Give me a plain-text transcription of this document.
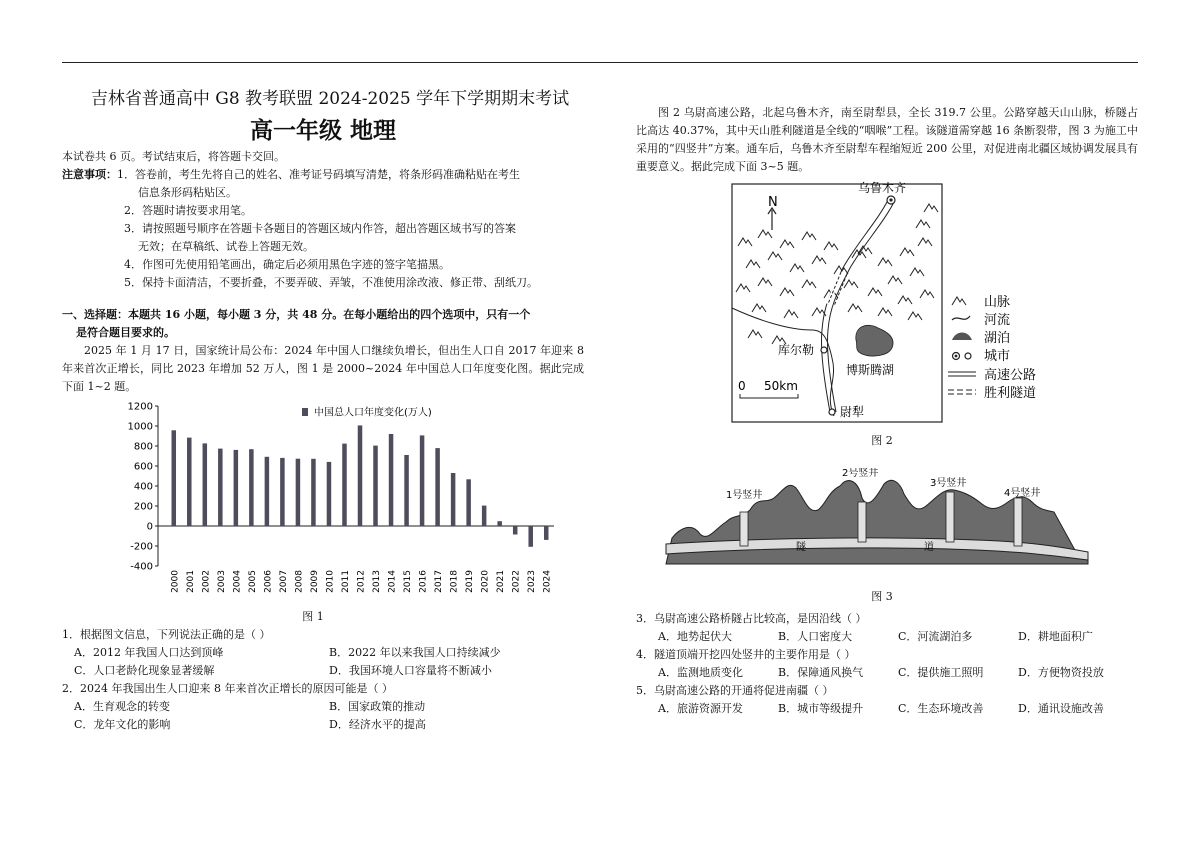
吉林省普通高中 G8 教考联盟 2024-2025 学年下学期期末考试
高一年级 地理
本试卷共 6 页。考试结束后，将答题卡交回。
注意事项：1．答卷前，考生先将自己的姓名、准考证号码填写清楚，将条形码准确粘贴在考生
信息条形码粘贴区。
2．答题时请按要求用笔。
3．请按照题号顺序在答题卡各题目的答题区域内作答，超出答题区域书写的答案
无效；在草稿纸、试卷上答题无效。
4．作图可先使用铅笔画出，确定后必须用黑色字迹的签字笔描黑。
5．保持卡面清洁，不要折叠，不要弄破、弄皱，不准使用涂改液、修正带、刮纸刀。
一、选择题：本题共 16 小题，每小题 3 分，共 48 分。在每小题给出的四个选项中，只有一个
是符合题目要求的。
2025 年 1 月 17 日，国家统计局公布：2024 年中国人口继续负增长，但出生人口自 2017 年迎来 8 年来首次正增长，同比 2023 年增加 52 万人，图 1 是 2000~2024 年中国总人口年度变化图。据此完成下面 1~2 题。
1200
1000
800
600
400
200
0
-200
-400
2000 2001 2002 2003 2004 2005 2006 2007 2008 2009 2010 2011 2012 2013 2014 2015 2016 2017 2018 2019 2020 2021 2022 2023 2024
中国总人口年度变化(万人)
图 1
1．根据图文信息，下列说法正确的是（ ）
A．2012 年我国人口达到顶峰	B．2022 年以来我国人口持续减少
C．人口老龄化现象显著缓解	D．我国环境人口容量将不断减小
2．2024 年我国出生人口迎来 8 年来首次正增长的原因可能是（ ）
A．生育观念的转变	B．国家政策的推动
C．龙年文化的影响	D．经济水平的提高
图 2 乌尉高速公路，北起乌鲁木齐，南至尉犁县，全长 319.7 公里。公路穿越天山山脉，桥隧占比高达 40.37%，其中天山胜利隧道是全线的“咽喉”工程。该隧道需穿越 16 条断裂带，图 3 为施工中采用的“四竖井”方案。通车后，乌鲁木齐至尉犁车程缩短近 200 公里，对促进南北疆区域协调发展具有重要意义。据此完成下面 3~5 题。
N
乌鲁木齐
库尔勒
博斯腾湖
尉犁
0 50km
山脉
河流
湖泊
城市
高速公路
胜利隧道
图 2
1号竖井
2号竖井
3号竖井
4号竖井
隧	道
图 3
3．乌尉高速公路桥隧占比较高，是因沿线（ ）
A．地势起伏大	B．人口密度大	C．河流湖泊多	D．耕地面积广
4．隧道顶端开挖四处竖井的主要作用是（ ）
A．监测地质变化	B．保障通风换气	C．提供施工照明	D．方便物资投放
5．乌尉高速公路的开通将促进南疆（ ）
A．旅游资源开发	B．城市等级提升	C．生态环境改善	D．通讯设施改善
